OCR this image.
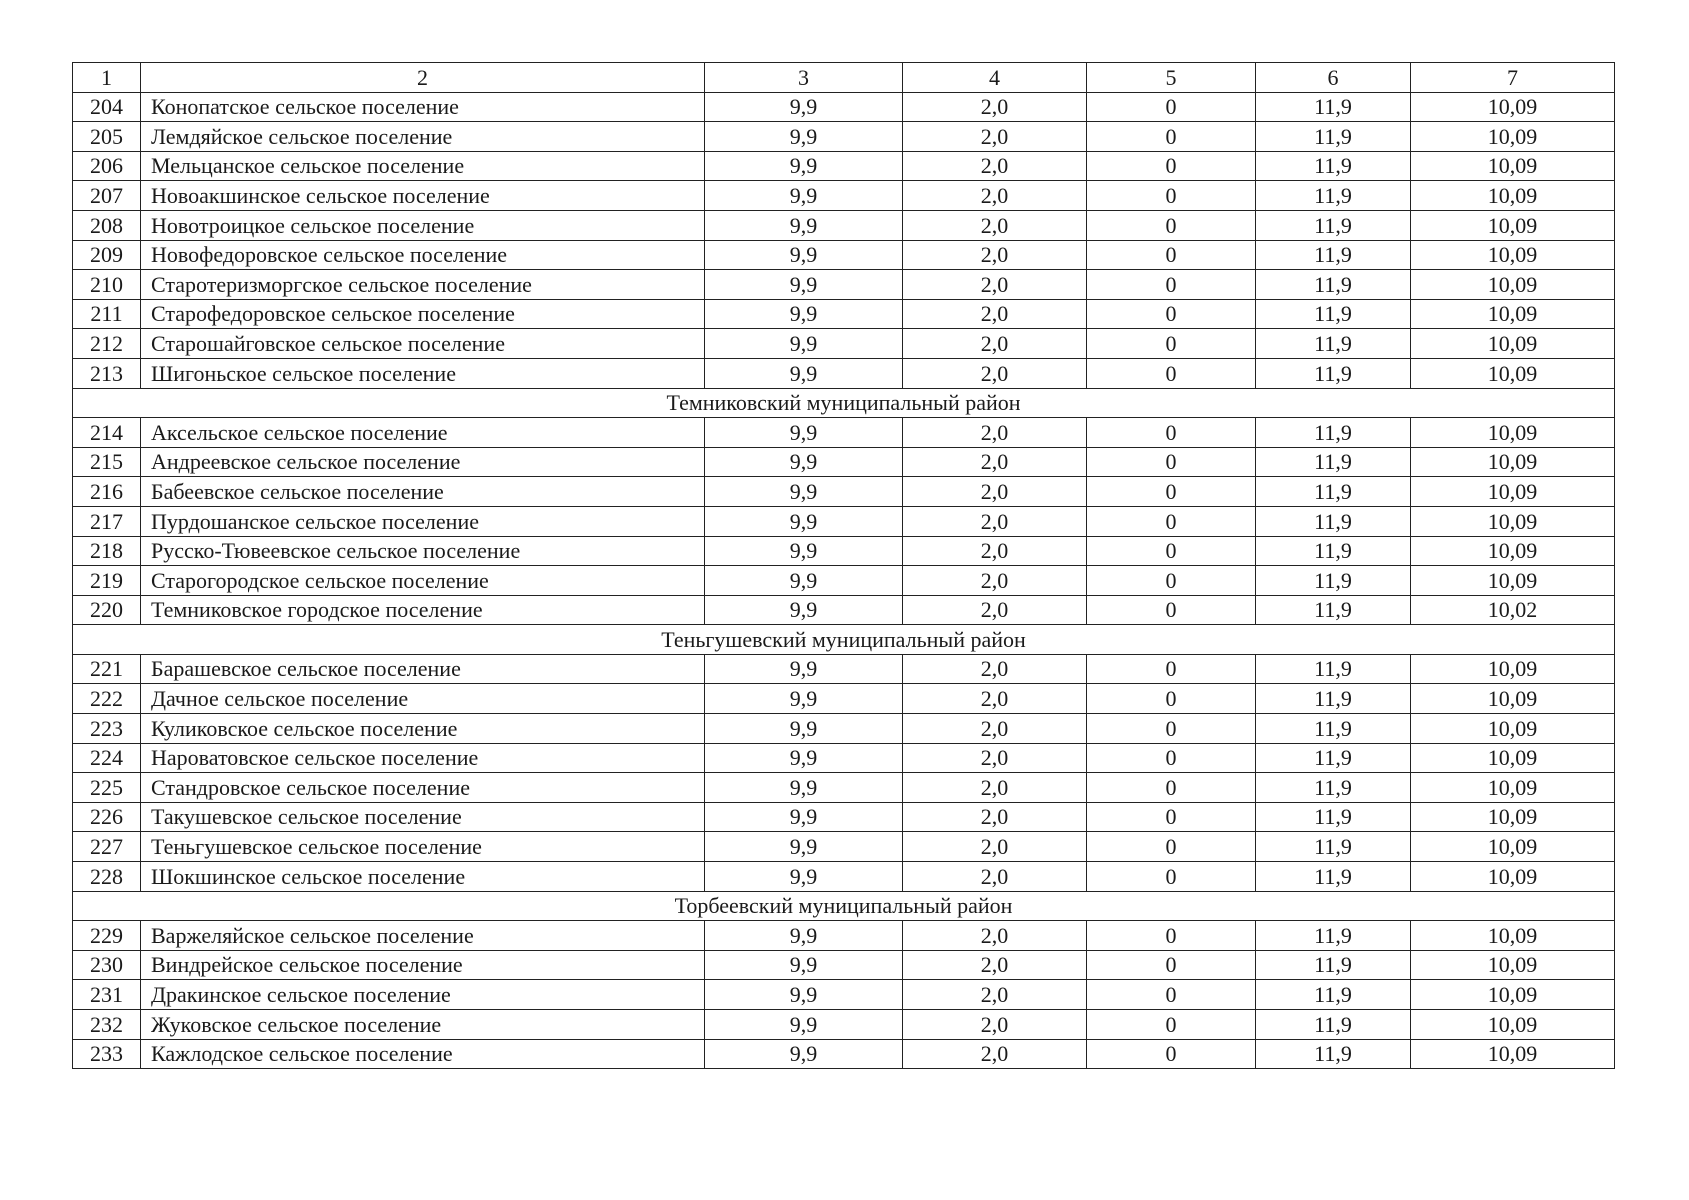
1	2	3	4	5	6	7
204	Конопатское сельское поселение	9,9	2,0	0	11,9	10,09
205	Лемдяйское сельское поселение	9,9	2,0	0	11,9	10,09
206	Мельцанское сельское поселение	9,9	2,0	0	11,9	10,09
207	Новоакшинское сельское поселение	9,9	2,0	0	11,9	10,09
208	Новотроицкое сельское поселение	9,9	2,0	0	11,9	10,09
209	Новофедоровское сельское поселение	9,9	2,0	0	11,9	10,09
210	Старотеризморгское сельское поселение	9,9	2,0	0	11,9	10,09
211	Старофедоровское сельское поселение	9,9	2,0	0	11,9	10,09
212	Старошайговское сельское поселение	9,9	2,0	0	11,9	10,09
213	Шигоньское сельское поселение	9,9	2,0	0	11,9	10,09
Темниковский муниципальный район						
214	Аксельское сельское поселение	9,9	2,0	0	11,9	10,09
215	Андреевское сельское поселение	9,9	2,0	0	11,9	10,09
216	Бабеевское сельское поселение	9,9	2,0	0	11,9	10,09
217	Пурдошанское сельское поселение	9,9	2,0	0	11,9	10,09
218	Русско-Тювеевское сельское поселение	9,9	2,0	0	11,9	10,09
219	Старогородское сельское поселение	9,9	2,0	0	11,9	10,09
220	Темниковское городское поселение	9,9	2,0	0	11,9	10,02
Теньгушевский муниципальный район						
221	Барашевское сельское поселение	9,9	2,0	0	11,9	10,09
222	Дачное сельское поселение	9,9	2,0	0	11,9	10,09
223	Куликовское сельское поселение	9,9	2,0	0	11,9	10,09
224	Нароватовское сельское поселение	9,9	2,0	0	11,9	10,09
225	Стандровское сельское поселение	9,9	2,0	0	11,9	10,09
226	Такушевское сельское поселение	9,9	2,0	0	11,9	10,09
227	Теньгушевское сельское поселение	9,9	2,0	0	11,9	10,09
228	Шокшинское сельское поселение	9,9	2,0	0	11,9	10,09
Торбеевский муниципальный район						
229	Варжеляйское сельское поселение	9,9	2,0	0	11,9	10,09
230	Виндрейское сельское поселение	9,9	2,0	0	11,9	10,09
231	Дракинское сельское поселение	9,9	2,0	0	11,9	10,09
232	Жуковское сельское поселение	9,9	2,0	0	11,9	10,09
233	Кажлодское сельское поселение	9,9	2,0	0	11,9	10,09
